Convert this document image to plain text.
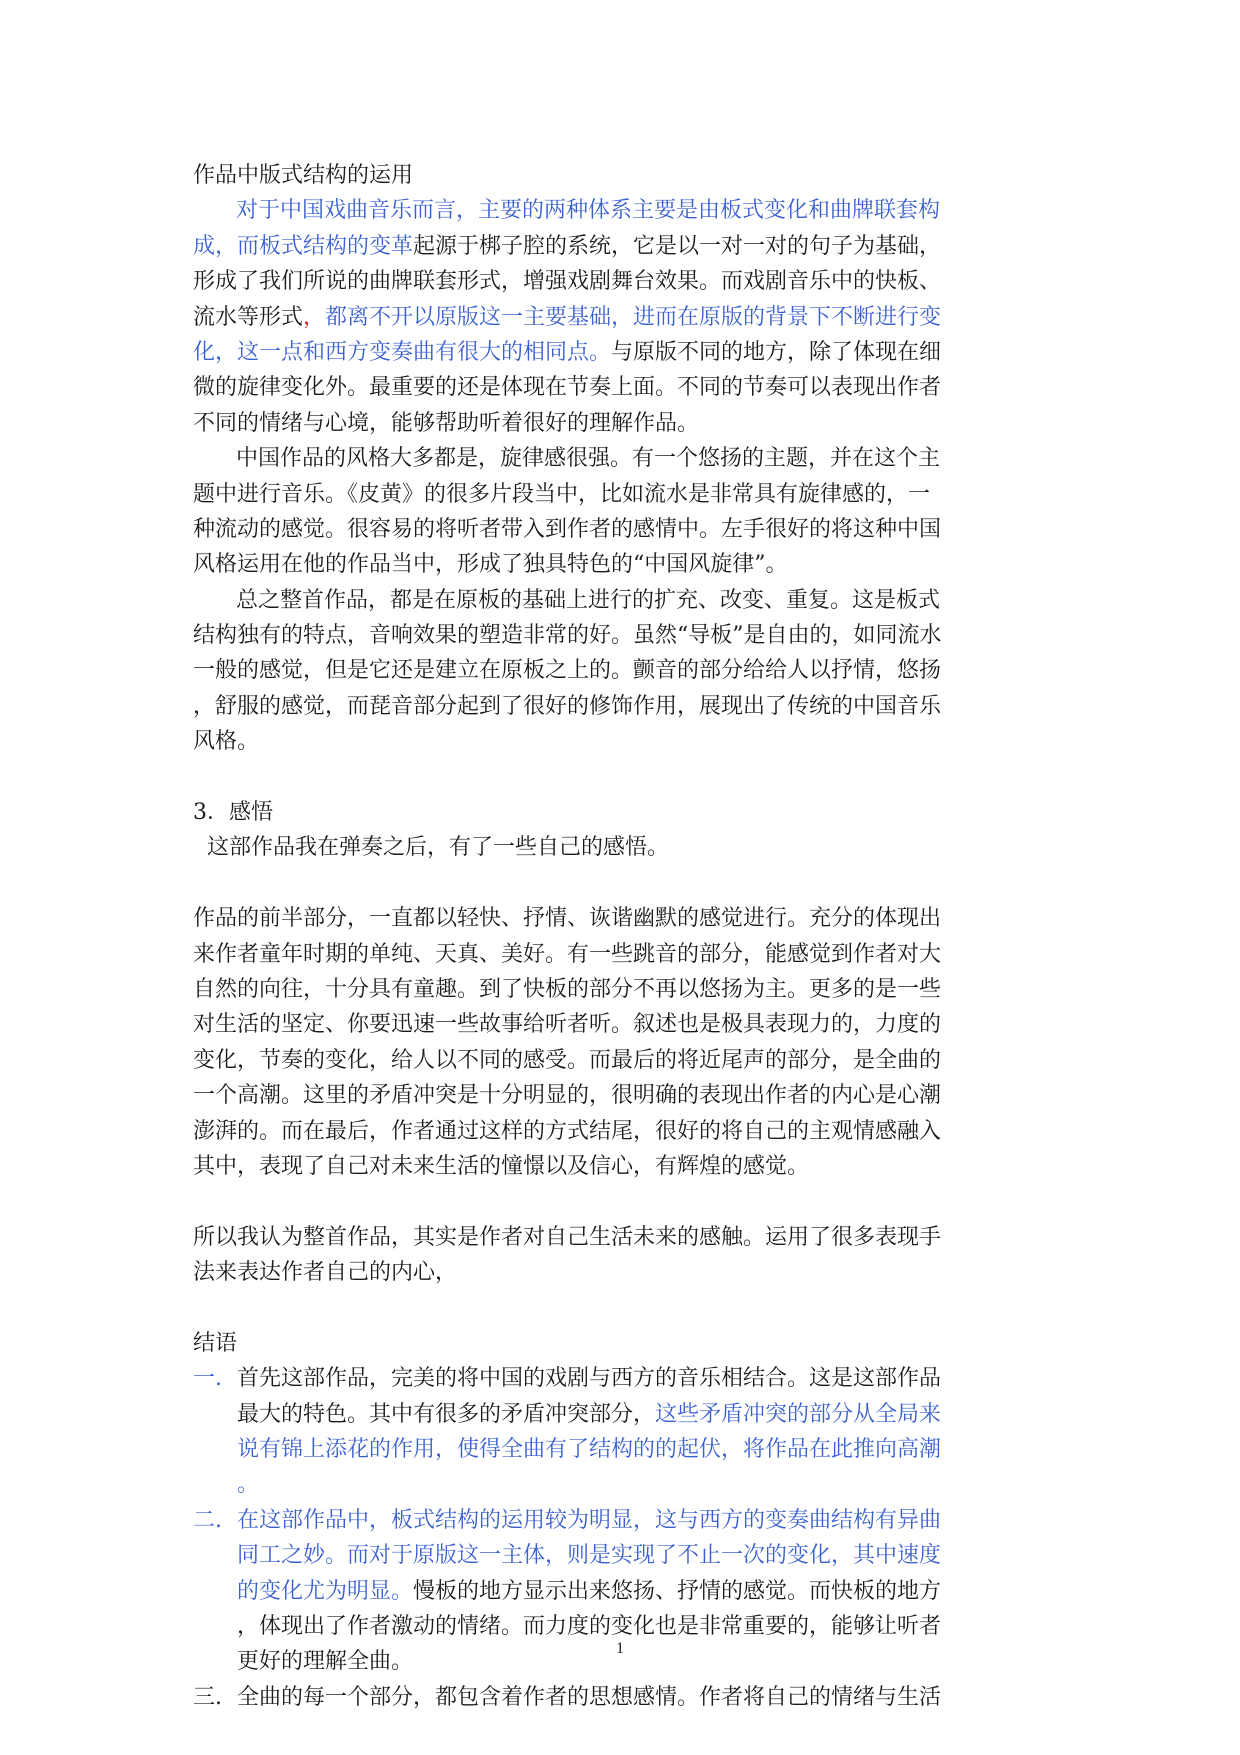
作品中版式结构的运用
对于中国戏曲音乐而言，主要的两种体系主要是由板式变化和曲牌联套构
成，而板式结构的变革起源于梆子腔的系统，它是以一对一对的句子为基础，
形成了我们所说的曲牌联套形式，增强戏剧舞台效果。而戏剧音乐中的快板、
流水等形式，都离不开以原版这一主要基础，进而在原版的背景下不断进行变
化，这一点和西方变奏曲有很大的相同点。与原版不同的地方，除了体现在细
微的旋律变化外。最重要的还是体现在节奏上面。不同的节奏可以表现出作者
不同的情绪与心境，能够帮助听着很好的理解作品。
中国作品的风格大多都是，旋律感很强。有一个悠扬的主题，并在这个主
题中进行音乐。《皮黄》的很多片段当中，比如流水是非常具有旋律感的，一
种流动的感觉。很容易的将听者带入到作者的感情中。左手很好的将这种中国
风格运用在他的作品当中，形成了独具特色的“中国风旋律”。
总之整首作品，都是在原板的基础上进行的扩充、改变、重复。这是板式
结构独有的特点，音响效果的塑造非常的好。虽然“导板”是自由的，如同流水
一般的感觉，但是它还是建立在原板之上的。颤音的部分给给人以抒情，悠扬
，舒服的感觉，而琵音部分起到了很好的修饰作用，展现出了传统的中国音乐
风格。
3．感悟
这部作品我在弹奏之后，有了一些自己的感悟。
作品的前半部分，一直都以轻快、抒情、诙谐幽默的感觉进行。充分的体现出
来作者童年时期的单纯、天真、美好。有一些跳音的部分，能感觉到作者对大
自然的向往，十分具有童趣。到了快板的部分不再以悠扬为主。更多的是一些
对生活的坚定、你要迅速一些故事给听者听。叙述也是极具表现力的，力度的
变化，节奏的变化，给人以不同的感受。而最后的将近尾声的部分，是全曲的
一个高潮。这里的矛盾冲突是十分明显的，很明确的表现出作者的内心是心潮
澎湃的。而在最后，作者通过这样的方式结尾，很好的将自己的主观情感融入
其中，表现了自己对未来生活的憧憬以及信心，有辉煌的感觉。
所以我认为整首作品，其实是作者对自己生活未来的感触。运用了很多表现手
法来表达作者自己的内心，
结语
一. 首先这部作品，完美的将中国的戏剧与西方的音乐相结合。这是这部作品
最大的特色。其中有很多的矛盾冲突部分，这些矛盾冲突的部分从全局来
说有锦上添花的作用，使得全曲有了结构的的起伏，将作品在此推向高潮
。
二. 在这部作品中，板式结构的运用较为明显，这与西方的变奏曲结构有异曲
同工之妙。而对于原版这一主体，则是实现了不止一次的变化，其中速度
的变化尤为明显。慢板的地方显示出来悠扬、抒情的感觉。而快板的地方
，体现出了作者激动的情绪。而力度的变化也是非常重要的，能够让听者
更好的理解全曲。
三. 全曲的每一个部分，都包含着作者的思想感情。作者将自己的情绪与生活
1
